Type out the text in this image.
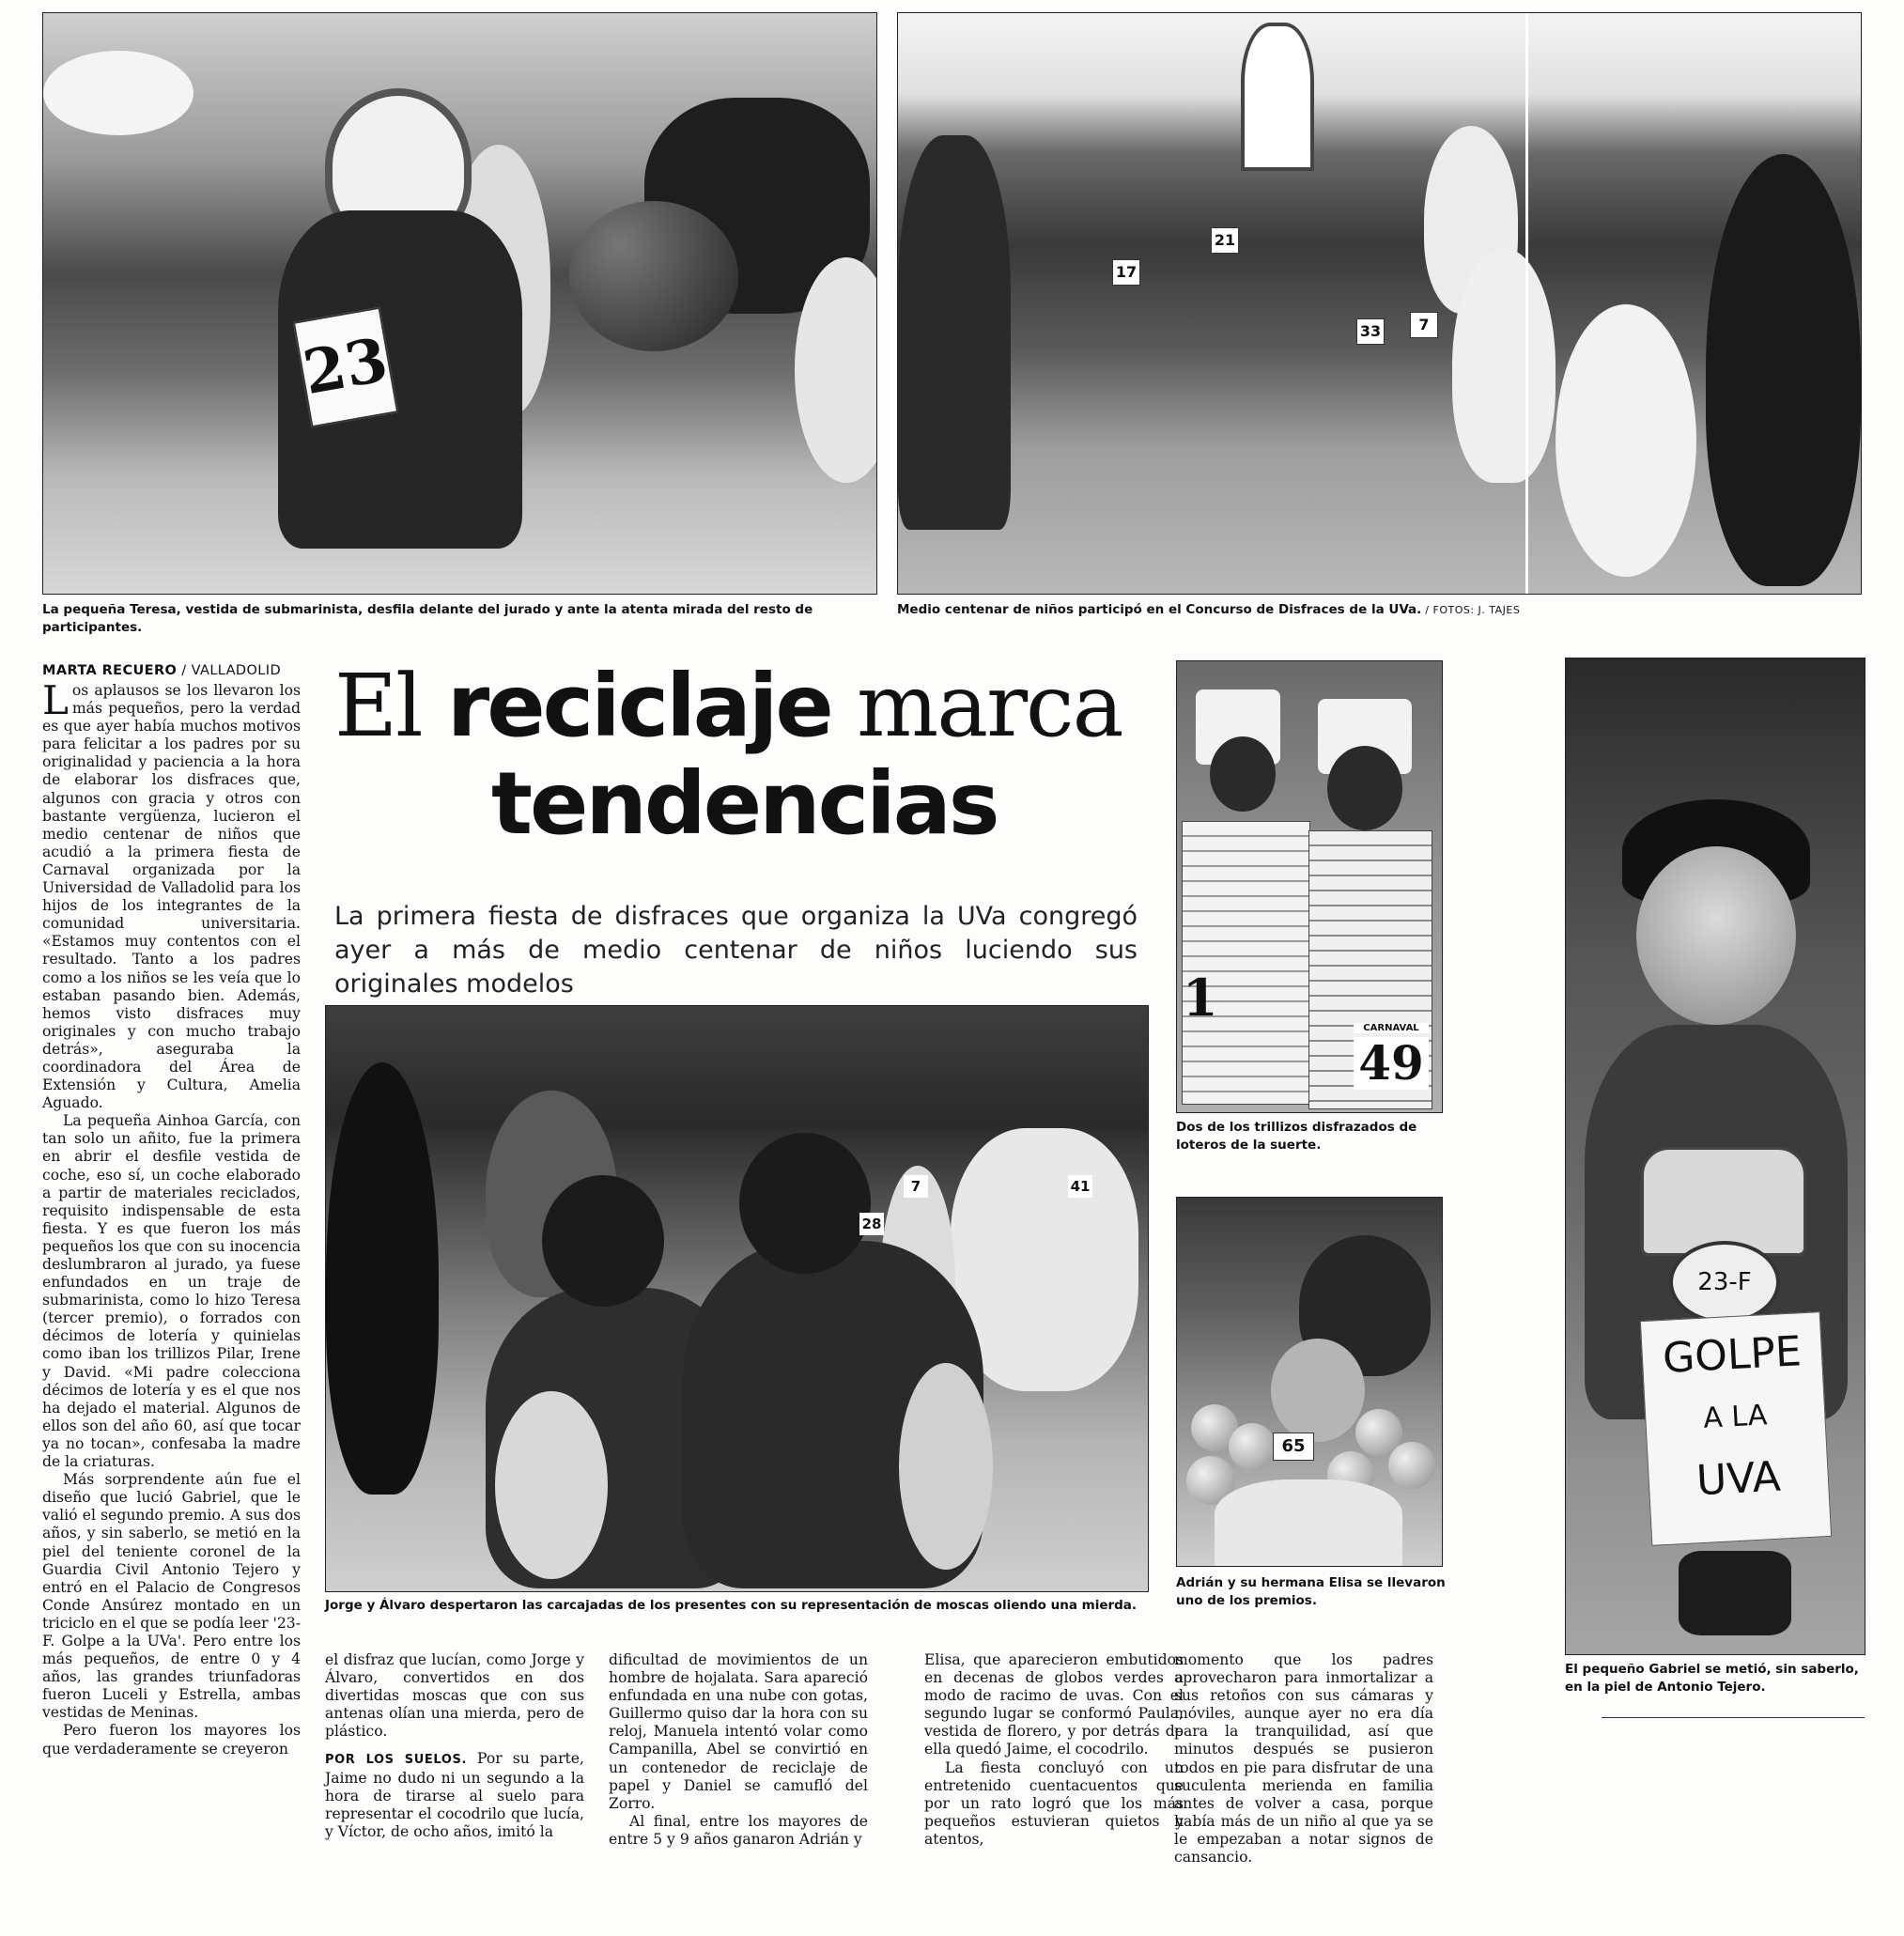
23
La pequeña Teresa, vestida de submarinista, desfila delante del jurado y ante la atenta mirada del resto de participantes.
17
21
33	7
Medio centenar de niños participó en el Concurso de Disfraces de la UVa. / FOTOS: J. TAJES
MARTA RECUERO / VALLADOLID

Los aplausos se los llevaron los más pequeños, pero la verdad es que ayer había muchos motivos para felicitar a los padres por su originalidad y paciencia a la hora de elaborar los disfraces que, algunos con gracia y otros con bastante vergüenza, lucieron el medio centenar de niños que acudió a la primera fiesta de Carnaval organizada por la Universidad de Valladolid para los hijos de los integrantes de la comunidad universitaria. «Estamos muy contentos con el resultado. Tanto a los padres como a los niños se les veía que lo estaban pasando bien. Además, hemos visto disfraces muy originales y con mucho trabajo detrás», aseguraba la coordinadora del Área de Extensión y Cultura, Amelia Aguado.

La pequeña Ainhoa García, con tan solo un añito, fue la primera en abrir el desfile vestida de coche, eso sí, un coche elaborado a partir de materiales reciclados, requisito indispensable de esta fiesta. Y es que fueron los más pequeños los que con su inocencia deslumbraron al jurado, ya fuese enfundados en un traje de submarinista, como lo hizo Teresa (tercer premio), o forrados con décimos de lotería y quinielas como iban los trillizos Pilar, Irene y David. «Mi padre colecciona décimos de lotería y es el que nos ha dejado el material. Algunos de ellos son del año 60, así que tocar ya no tocan», confesaba la madre de la criaturas.

Más sorprendente aún fue el diseño que lució Gabriel, que le valió el segundo premio. A sus dos años, y sin saberlo, se metió en la piel del teniente coronel de la Guardia Civil Antonio Tejero y entró en el Palacio de Congresos Conde Ansúrez montado en un triciclo en el que se podía leer '23-F. Golpe a la UVa'. Pero entre los más pequeños, de entre 0 y 4 años, las grandes triunfadoras fueron Luceli y Estrella, ambas vestidas de Meninas.

Pero fueron los mayores los que verdaderamente se creyeron

El reciclaje marca
tendencias
La primera fiesta de disfraces que organiza la UVa congregó ayer a más de medio centenar de niños luciendo sus originales modelos
7	41
28
Jorge y Álvaro despertaron las carcajadas de los presentes con su representación de moscas oliendo una mierda.

el disfraz que lucían, como Jorge y Álvaro, convertidos en dos divertidas moscas que con sus antenas olían una mierda, pero de plástico.

POR LOS SUELOS. Por su parte, Jaime no dudo ni un segundo a la hora de tirarse al suelo para representar el cocodrilo que lucía, y Víctor, de ocho años, imitó la

dificultad de movimientos de un hombre de hojalata. Sara apareció enfundada en una nube con gotas, Guillermo quiso dar la hora con su reloj, Manuela intentó volar como Campanilla, Abel se convirtió en un contenedor de reciclaje de papel y Daniel se camufló del Zorro.

Al final, entre los mayores de entre 5 y 9 años ganaron Adrián y

Elisa, que aparecieron embutidos en decenas de globos verdes a modo de racimo de uvas. Con el segundo lugar se conformó Paula, vestida de florero, y por detrás de ella quedó Jaime, el cocodrilo.

La fiesta concluyó con un entretenido cuentacuentos que por un rato logró que los más pequeños estuvieran quietos y atentos,

momento que los padres aprovecharon para inmortalizar a sus retoños con sus cámaras y móviles, aunque ayer no era día para la tranquilidad, así que minutos después se pusieron todos en pie para disfrutar de una suculenta merienda en familia antes de volver a casa, porque había más de un niño al que ya se le empezaban a notar signos de cansancio.

1
49
CARNAVAL
Dos de los trillizos disfrazados de loteros de la suerte.
65
Adrián y su hermana Elisa se llevaron uno de los premios.
23-F
GOLPE
A LA
UVA
El pequeño Gabriel se metió, sin saberlo, en la piel de Antonio Tejero.
